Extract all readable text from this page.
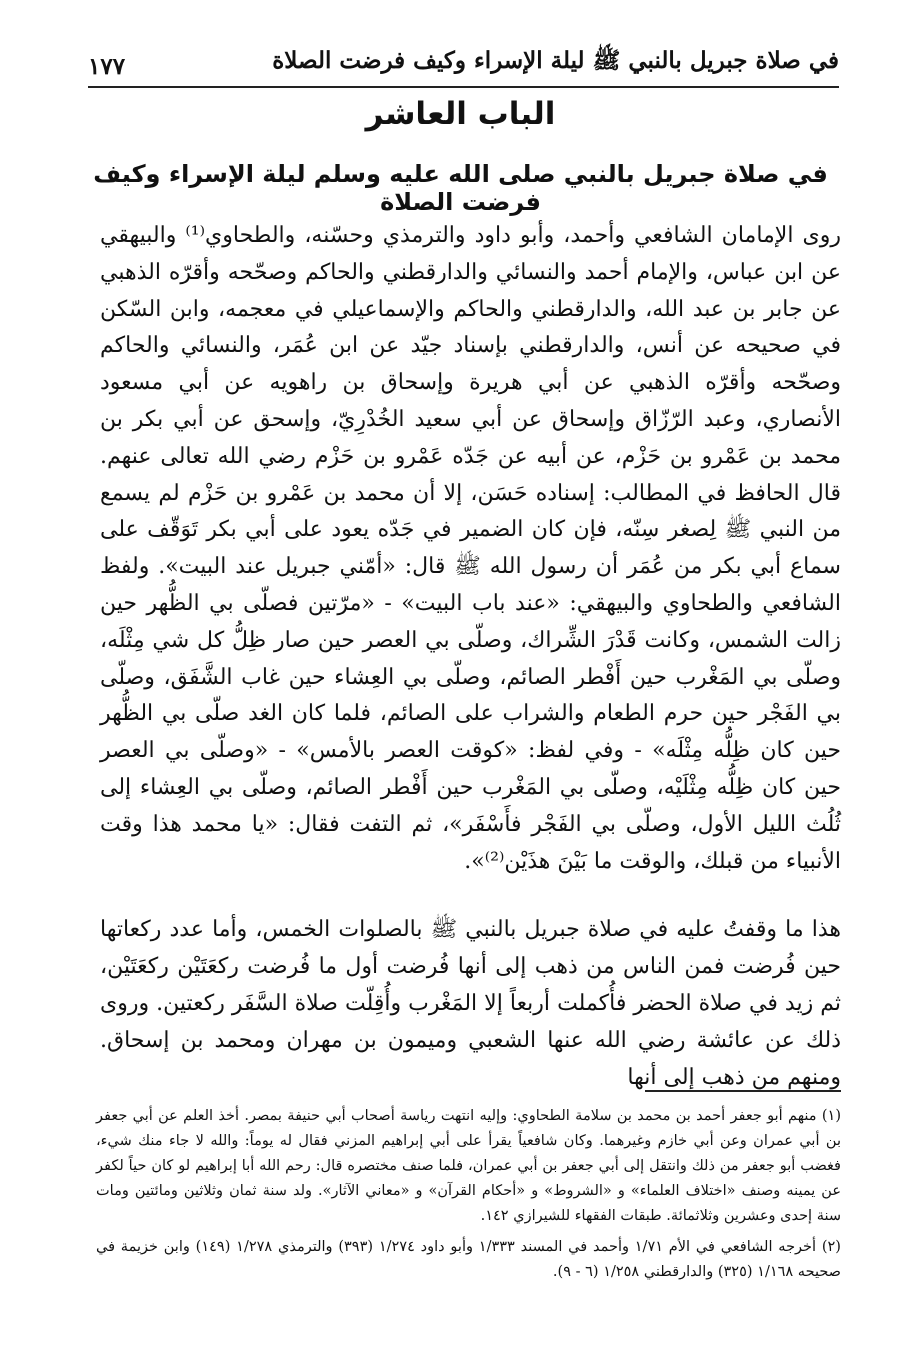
١٧٧	في صلاة جبريل بالنبي ﷺ ليلة الإسراء وكيف فرضت الصلاة
الباب العاشر
في صلاة جبريل بالنبي صلى الله عليه وسلم ليلة الإسراء وكيف فرضت الصلاة

روى الإمامان الشافعي وأحمد، وأبو داود والترمذي وحسّنه، والطحاوي⁽¹⁾ والبيهقي عن ابن عباس، والإمام أحمد والنسائي والدارقطني والحاكم وصحّحه وأقرّه الذهبي عن جابر بن عبد الله، والدارقطني والحاكم والإسماعيلي في معجمه، وابن السّكن في صحيحه عن أنس، والدارقطني بإسناد جيّد عن ابن عُمَر، والنسائي والحاكم وصحّحه وأقرّه الذهبي عن أبي هريرة وإسحاق بن راهويه عن أبي مسعود الأنصاري، وعبد الرّزّاق وإسحاق عن أبي سعيد الخُدْرِيّ، وإسحق عن أبي بكر بن محمد بن عَمْرو بن حَزْم، عن أبيه عن جَدّه عَمْرو بن حَزْم رضي الله تعالى عنهم. قال الحافظ في المطالب: إسناده حَسَن، إلا أن محمد بن عَمْرو بن حَزْم لم يسمع من النبي ﷺ لِصغر سِنّه، فإن كان الضمير في جَدّه يعود على أبي بكر تَوَقّف على سماع أبي بكر من عُمَر أن رسول الله ﷺ قال: «أمّني جبريل عند البيت». ولفظ الشافعي والطحاوي والبيهقي: «عند باب البيت» - «مرّتين فصلّى بي الظُّهر حين زالت الشمس، وكانت قَدْرَ الشِّراك، وصلّى بي العصر حين صار ظِلُّ كل شي مِثْلَه، وصلّى بي المَغْرب حين أَفْطر الصائم، وصلّى بي العِشاء حين غاب الشَّفَق، وصلّى بي الفَجْر حين حرم الطعام والشراب على الصائم، فلما كان الغد صلّى بي الظُّهر حين كان ظِلُّه مِثْلَه» - وفي لفظ: «كوقت العصر بالأمس» - «وصلّى بي العصر حين كان ظِلُّه مِثْلَيْه، وصلّى بي المَغْرب حين أَفْطر الصائم، وصلّى بي العِشاء إلى ثُلُث الليل الأول، وصلّى بي الفَجْر فأَسْفَر»، ثم التفت فقال: «يا محمد هذا وقت الأنبياء من قبلك، والوقت ما بَيْنَ هذَيْن⁽²⁾».

هذا ما وقفتُ عليه في صلاة جبريل بالنبي ﷺ بالصلوات الخمس، وأما عدد ركعاتها حين فُرضت فمن الناس من ذهب إلى أنها فُرضت أول ما فُرضت ركعَتَيْن ركعَتَيْن، ثم زيد في صلاة الحضر فأُكملت أربعاً إلا المَغْرب وأُقِلّت صلاة السَّفَر ركعتين. وروى ذلك عن عائشة رضي الله عنها الشعبي وميمون بن مهران ومحمد بن إسحاق. ومنهم من ذهب إلى أنها

(١) منهم أبو جعفر أحمد بن محمد بن سلامة الطحاوي: وإليه انتهت رياسة أصحاب أبي حنيفة بمصر. أخذ العلم عن أبي جعفر بن أبي عمران وعن أبي خازم وغيرهما. وكان شافعياً يقرأ على أبي إبراهيم المزني فقال له يوماً: والله لا جاء منك شيء، فغضب أبو جعفر من ذلك وانتقل إلى أبي جعفر بن أبي عمران، فلما صنف مختصره قال: رحم الله أبا إبراهيم لو كان حياً لكفر عن يمينه وصنف «اختلاف العلماء» و «الشروط» و «أحكام القرآن» و «معاني الآثار». ولد سنة ثمان وثلاثين ومائتين ومات سنة إحدى وعشرين وثلاثمائة. طبقات الفقهاء للشيرازي ١٤٢.

(٢) أخرجه الشافعي في الأم ١/٧١ وأحمد في المسند ١/٣٣٣ وأبو داود ١/٢٧٤ (٣٩٣) والترمذي ١/٢٧٨ (١٤٩) وابن خزيمة في صحيحه ١/١٦٨ (٣٢٥) والدارقطني ١/٢٥٨ (٦ - ٩).
